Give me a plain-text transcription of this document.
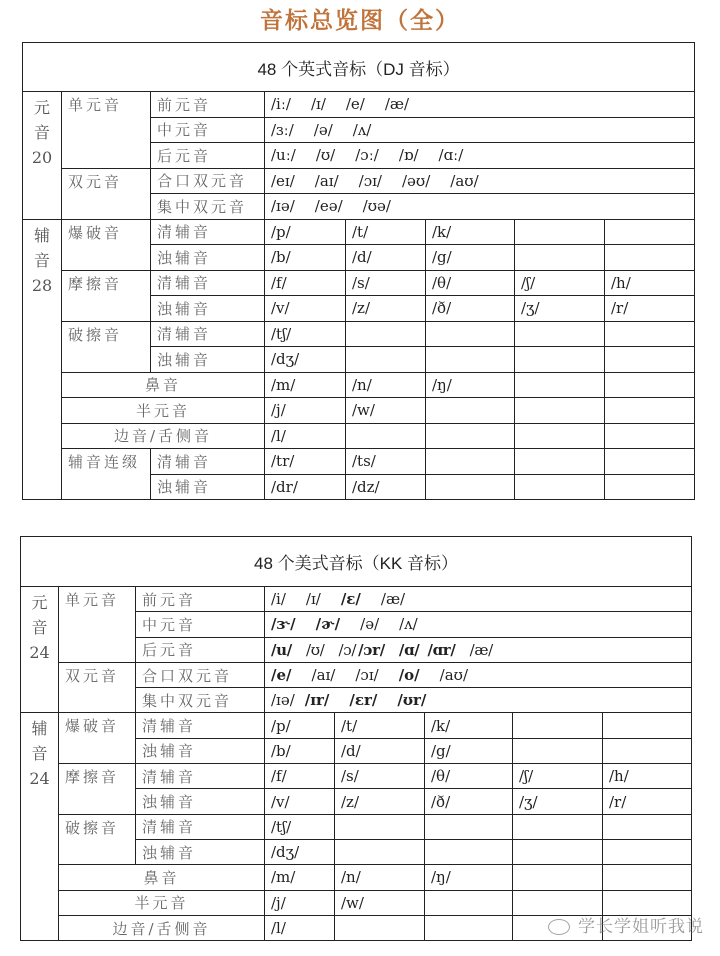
音标总览图（全）
48 个英式音标（DJ 音标）							

元
音
20	单元音	前元音	/iː/ /ɪ/ /e/ /æ/				
		中元音	/ɜː/ /ə/ /ʌ/				
		后元音	/uː/ /ʊ/ /ɔː/ /ɒ/ /ɑː/				
	双元音	合口双元音	/eɪ/ /aɪ/ /ɔɪ/ /əʊ/ /aʊ/				
		集中双元音	/ɪə/ /eə/ /ʊə/				

辅
音
28	爆破音	清辅音	/p/	/t/	/k/		
		浊辅音	/b/	/d/	/g/		
	摩擦音	清辅音	/f/	/s/	/θ/	/ʃ/	/h/
		浊辅音	/v/	/z/	/ð/	/ʒ/	/r/
	破擦音	清辅音	/tʃ/				
		浊辅音	/dʒ/				
	鼻音		/m/	/n/	/ŋ/		
	半元音		/j/	/w/			
	边音/舌侧音		/l/				
	辅音连缀	清辅音	/tr/	/ts/			
		浊辅音	/dr/	/dz/			
48 个美式音标（KK 音标）							

元
音
24	单元音	前元音	/i/ /ɪ/ /ɛ/ /æ/				
		中元音	/ɝ/ /ɚ/ /ə/ /ʌ/				
		后元音	/u/ /ʊ/ /ɔ/ /ɔr/ /ɑ/ /ɑr/ /æ/				
	双元音	合口双元音	/e/ /aɪ/ /ɔɪ/ /o/ /aʊ/				
		集中双元音	/ɪə/ /ɪr/ /ɛr/ /ʊr/				

辅
音
24	爆破音	清辅音	/p/	/t/	/k/		
		浊辅音	/b/	/d/	/g/		
	摩擦音	清辅音	/f/	/s/	/θ/	/ʃ/	/h/
		浊辅音	/v/	/z/	/ð/	/ʒ/	/r/
	破擦音	清辅音	/tʃ/				
		浊辅音	/dʒ/				
	鼻音		/m/	/n/	/ŋ/		
	半元音		/j/	/w/			
	边音/舌侧音		/l/					学长学姐听我说
